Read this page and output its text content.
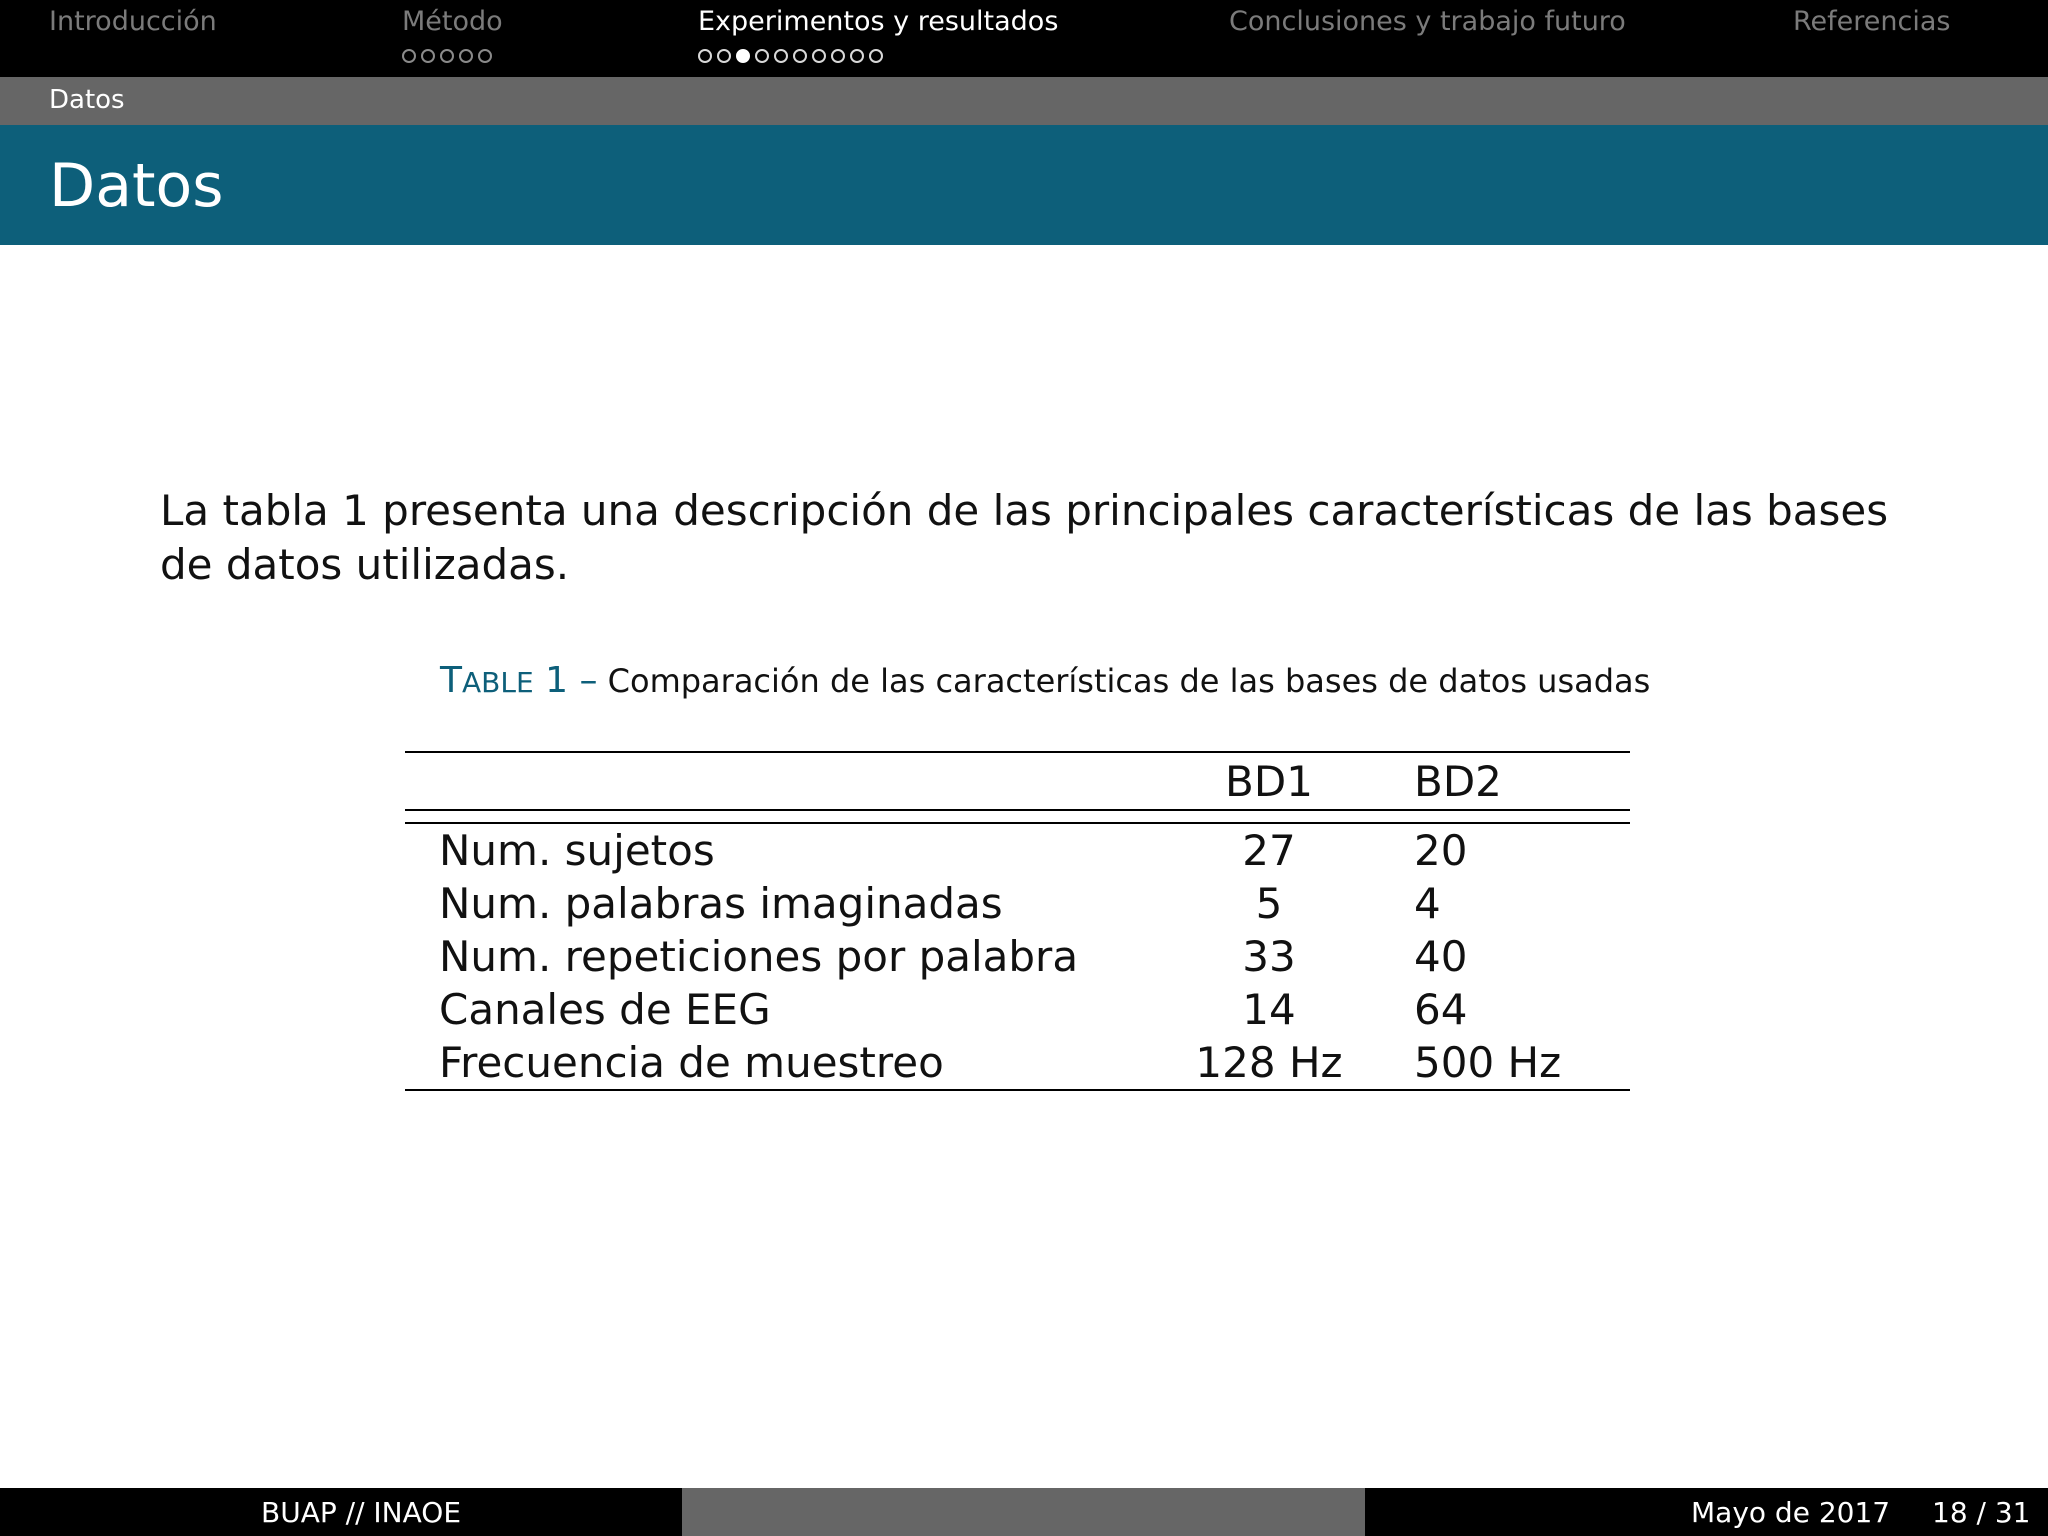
Introducción	Método	Experimentos y resultados	Conclusiones y trabajo futuro	Referencias
Datos
Datos
La tabla 1 presenta una descripción de las principales características de las bases de datos utilizadas.
TABLE 1 – Comparación de las características de las bases de datos usadas
	BD1	BD2

Num. sujetos	27	20
Num. palabras imaginadas	5	4
Num. repeticiones por palabra	33	40
Canales de EEG	14	64
Frecuencia de muestreo	128 Hz	500 Hz
BUAP // INAOE	Mayo de 2017 18 / 31
